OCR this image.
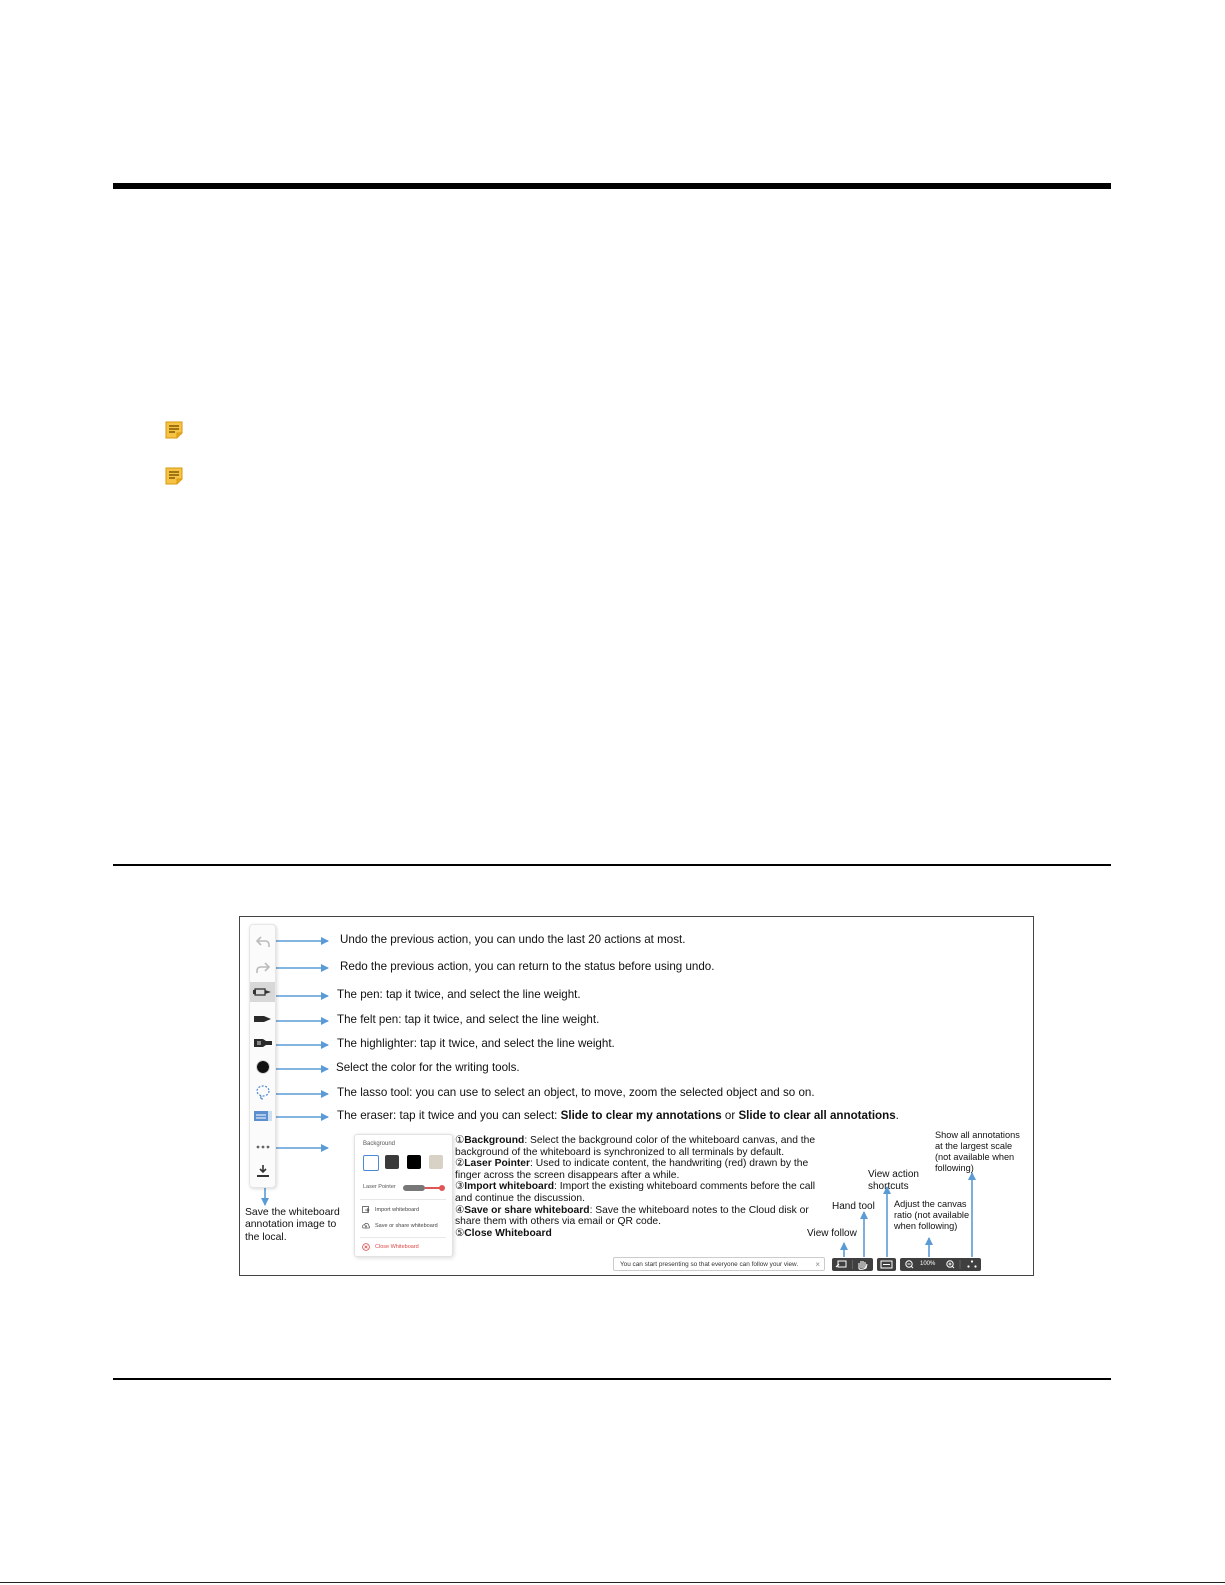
Undo the previous action, you can undo the last 20 actions at most.
Redo the previous action, you can return to the status before using undo.
The pen: tap it twice, and select the line weight.
The felt pen: tap it twice, and select the line weight.
The highlighter: tap it twice, and select the line weight.
Select the color for the writing tools.
The lasso tool: you can use to select an object, to move, zoom the selected object and so on.
The eraser: tap it twice and you can select: Slide to clear my annotations or Slide to clear all annotations.
Save the whiteboard annotation image to the local.
Background
Laser Pointer
Import whiteboard
Save or share whiteboard
Close Whiteboard
①Background: Select the background color of the whiteboard canvas, and the background of the whiteboard is synchronized to all terminals by default.
②Laser Pointer: Used to indicate content, the handwriting (red) drawn by the finger across the screen disappears after a while.
③Import whiteboard: Import the existing whiteboard comments before the call and continue the discussion.
④Save or share whiteboard: Save the whiteboard notes to the Cloud disk or share them with others via email or QR code.
⑤Close Whiteboard	View follow
Hand tool
View action shortcuts
Adjust the canvas ratio (not available when following)
Show all annotations at the largest scale (not available when following)
You can start presenting so that everyone can follow your view. ×	100%
